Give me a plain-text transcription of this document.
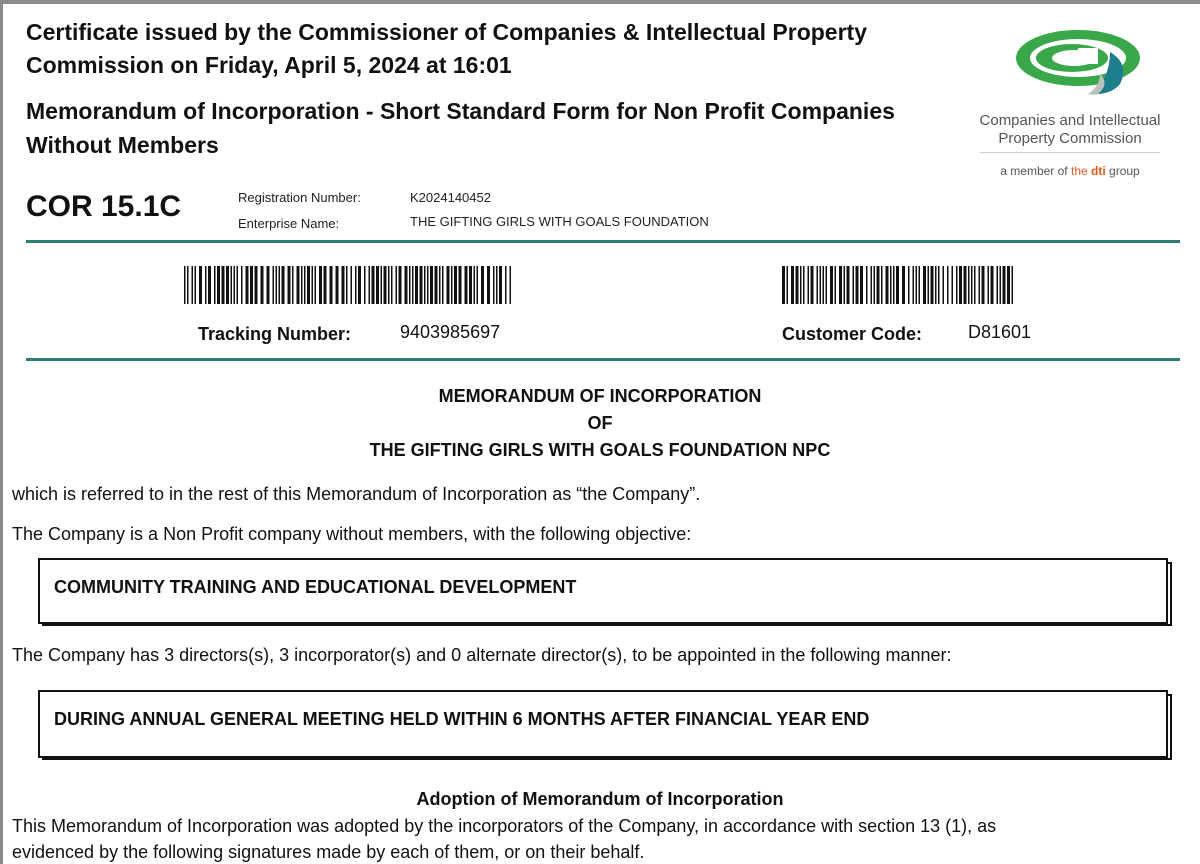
Certificate issued by the Commissioner of Companies & Intellectual Property Commission on Friday, April 5, 2024 at 16:01
Memorandum of Incorporation - Short Standard Form for Non Profit Companies Without Members
Companies and Intellectual
Property Commission
a member of the dti group
COR 15.1C	Registration Number:	K2024140452
Enterprise Name:	THE GIFTING GIRLS WITH GOALS FOUNDATION
Tracking Number:	9403985697	Customer Code:	D81601
MEMORANDUM OF INCORPORATION
OF
THE GIFTING GIRLS WITH GOALS FOUNDATION NPC
which is referred to in the rest of this Memorandum of Incorporation as “the Company”.
The Company is a Non Profit company without members, with the following objective:
COMMUNITY TRAINING AND EDUCATIONAL DEVELOPMENT
The Company has 3 directors(s), 3 incorporator(s) and 0 alternate director(s), to be appointed in the following manner:
DURING ANNUAL GENERAL MEETING HELD WITHIN 6 MONTHS AFTER FINANCIAL YEAR END
Adoption of Memorandum of Incorporation
This Memorandum of Incorporation was adopted by the incorporators of the Company, in accordance with section 13 (1), as
evidenced by the following signatures made by each of them, or on their behalf.
